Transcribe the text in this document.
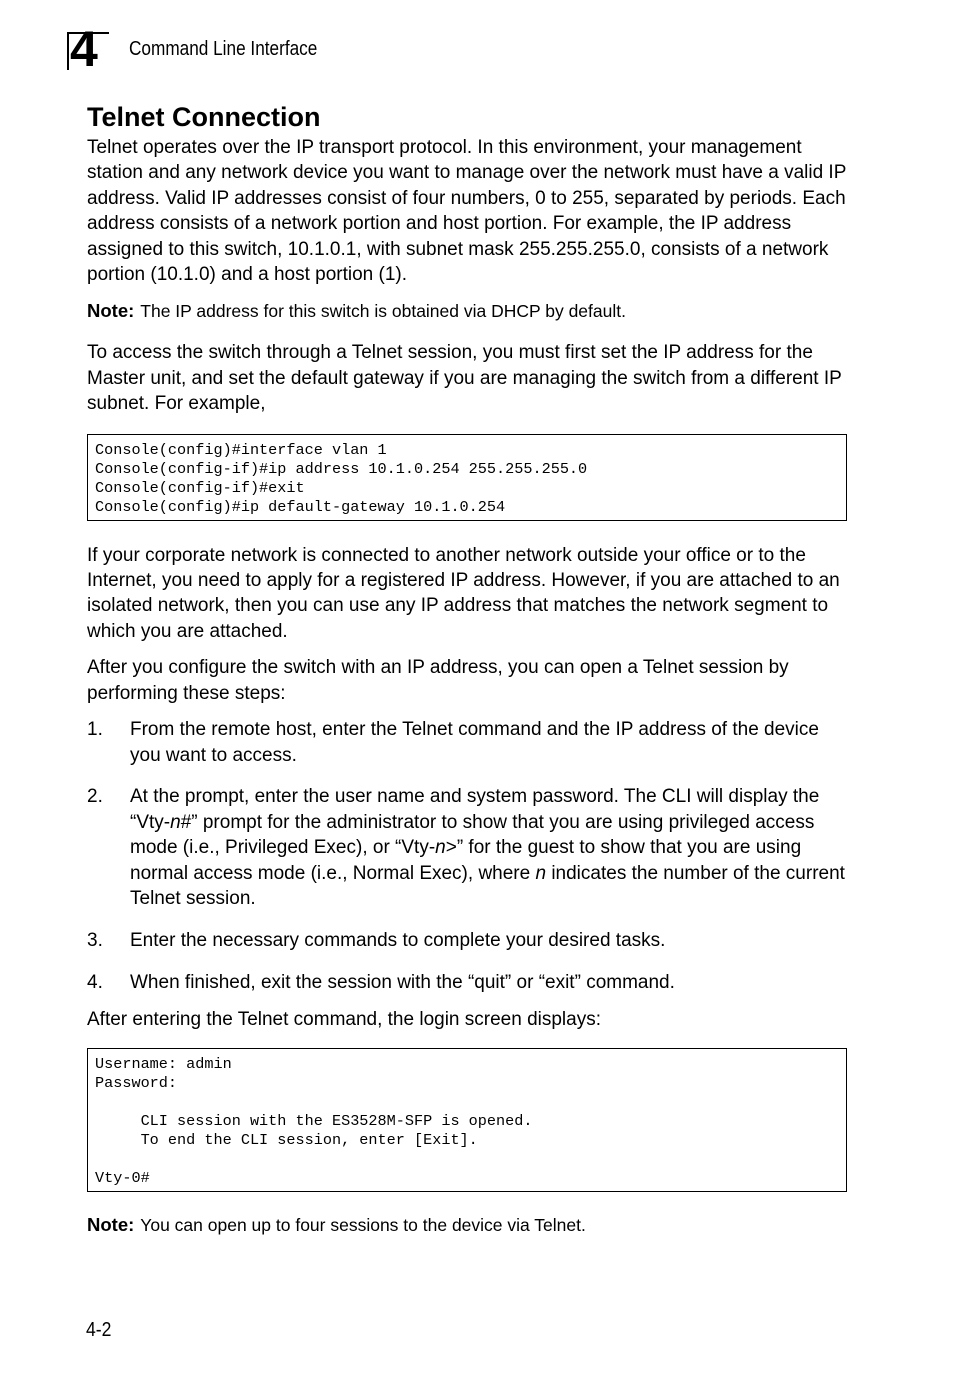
4 Command Line Interface
Telnet Connection

Telnet operates over the IP transport protocol. In this environment, your management station and any network device you want to manage over the network must have a valid IP address. Valid IP addresses consist of four numbers, 0 to 255, separated by periods. Each address consists of a network portion and host portion. For example, the IP address assigned to this switch, 10.1.0.1, with subnet mask 255.255.255.0, consists of a network portion (10.1.0) and a host portion (1).

Note: The IP address for this switch is obtained via DHCP by default.

To access the switch through a Telnet session, you must first set the IP address for the Master unit, and set the default gateway if you are managing the switch from a different IP subnet. For example,

Console(config)#interface vlan 1
Console(config-if)#ip address 10.1.0.254 255.255.255.0
Console(config-if)#exit
Console(config)#ip default-gateway 10.1.0.254

If your corporate network is connected to another network outside your office or to the Internet, you need to apply for a registered IP address. However, if you are attached to an isolated network, then you can use any IP address that matches the network segment to which you are attached.

After you configure the switch with an IP address, you can open a Telnet session by performing these steps:

1. From the remote host, enter the Telnet command and the IP address of the device you want to access.
2. At the prompt, enter the user name and system password. The CLI will display the “Vty-n#” prompt for the administrator to show that you are using privileged access mode (i.e., Privileged Exec), or “Vty-n>” for the guest to show that you are using normal access mode (i.e., Normal Exec), where n indicates the number of the current Telnet session.
3. Enter the necessary commands to complete your desired tasks.
4. When finished, exit the session with the “quit” or “exit” command.

After entering the Telnet command, the login screen displays:

Username: admin
Password:

CLI session with the ES3528M-SFP is opened.
To end the CLI session, enter [Exit].

Vty-0#

Note: You can open up to four sessions to the device via Telnet.

4-2
